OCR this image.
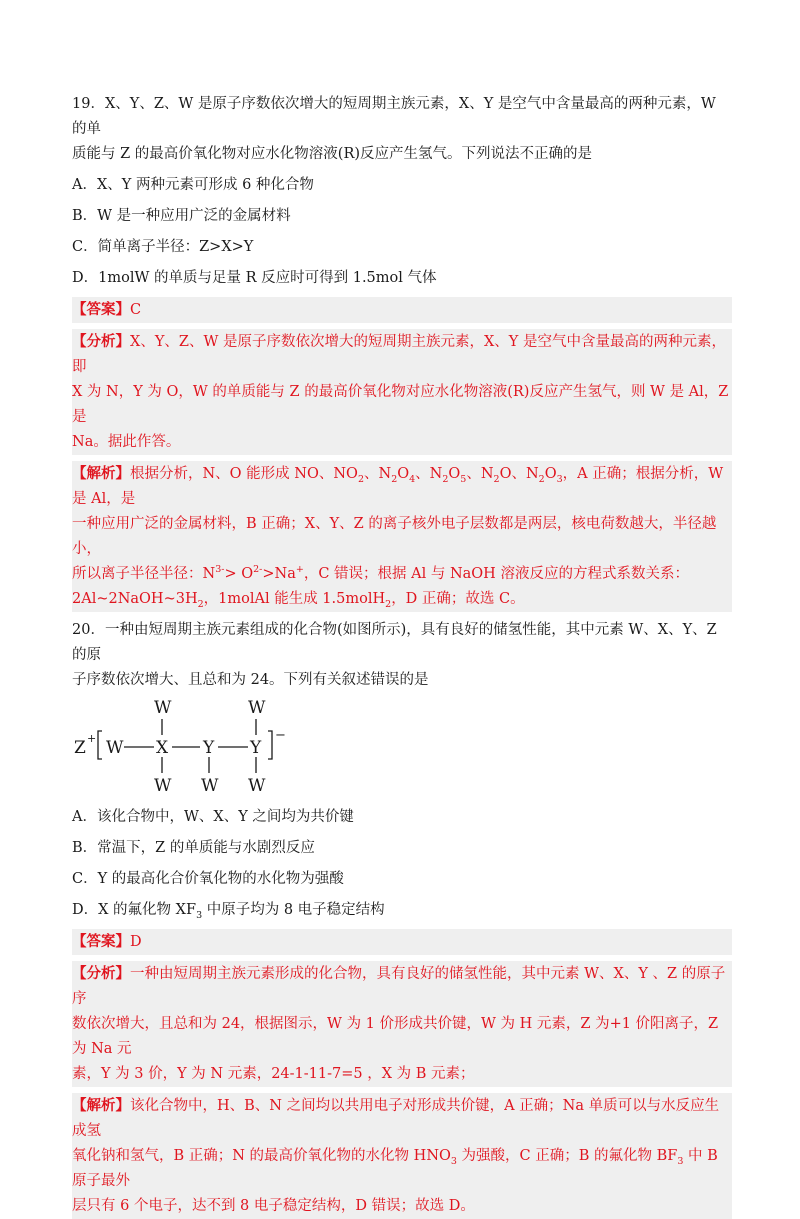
19．X、Y、Z、W 是原子序数依次增大的短周期主族元素，X、Y 是空气中含量最高的两种元素，W 的单
质能与 Z 的最高价氧化物对应水化物溶液(R)反应产生氢气。下列说法不正确的是

A．X、Y 两种元素可形成 6 种化合物

B．W 是一种应用广泛的金属材料

C．简单离子半径：Z>X>Y

D．1molW 的单质与足量 R 反应时可得到 1.5mol 气体

【答案】C

【分析】X、Y、Z、W 是原子序数依次增大的短周期主族元素，X、Y 是空气中含量最高的两种元素，即
X 为 N，Y 为 O，W 的单质能与 Z 的最高价氧化物对应水化物溶液(R)反应产生氢气，则 W 是 Al，Z 是
Na。据此作答。

【解析】根据分析，N、O 能形成 NO、$NO_2$、$N_2O_4$、$N_2O_5$、$N_2O$、$N_2O_3$，A 正确；根据分析，W 是 Al，是
一种应用广泛的金属材料，B 正确；X、Y、Z 的离子核外电子层数都是两层，核电荷数越大，半径越小，
所以离子半径半径：$N^{3-}> O^{2-}>Na^+$，C 错误；根据 Al 与 NaOH 溶液反应的方程式系数关系：
$2Al\sim 2NaOH\sim 3H_2$，1molAl 能生成 1.5molH$_2$，D 正确；故选 C。

20．一种由短周期主族元素组成的化合物(如图所示)，具有良好的储氢性能，其中元素 W、X、Y、Z 的原
子序数依次增大、且总和为 24。下列有关叙述错误的是

Z + W X Y Y
W	W
W W W
−

A．该化合物中，W、X、Y 之间均为共价键

B．常温下，Z 的单质能与水剧烈反应

C．Y 的最高化合价氧化物的水化物为强酸

D．X 的氟化物 $XF_3$ 中原子均为 8 电子稳定结构

【答案】D

【分析】一种由短周期主族元素形成的化合物，具有良好的储氢性能，其中元素 W、X、Y 、Z 的原子序
数依次增大，且总和为 24，根据图示，W 为 1 价形成共价键，W 为 H 元素，Z 为+1 价阳离子，Z 为 Na 元
素，Y 为 3 价，Y 为 N 元素，24-1-11-7=5 ，X 为 B 元素；

【解析】该化合物中，H、B、N 之间均以共用电子对形成共价键，A 正确；Na 单质可以与水反应生成氢
氧化钠和氢气，B 正确；N 的最高价氧化物的水化物 $HNO_3$ 为强酸，C 正确；B 的氟化物 $BF_3$ 中 B 原子最外
层只有 6 个电子，达不到 8 电子稳定结构，D 错误；故选 D。
